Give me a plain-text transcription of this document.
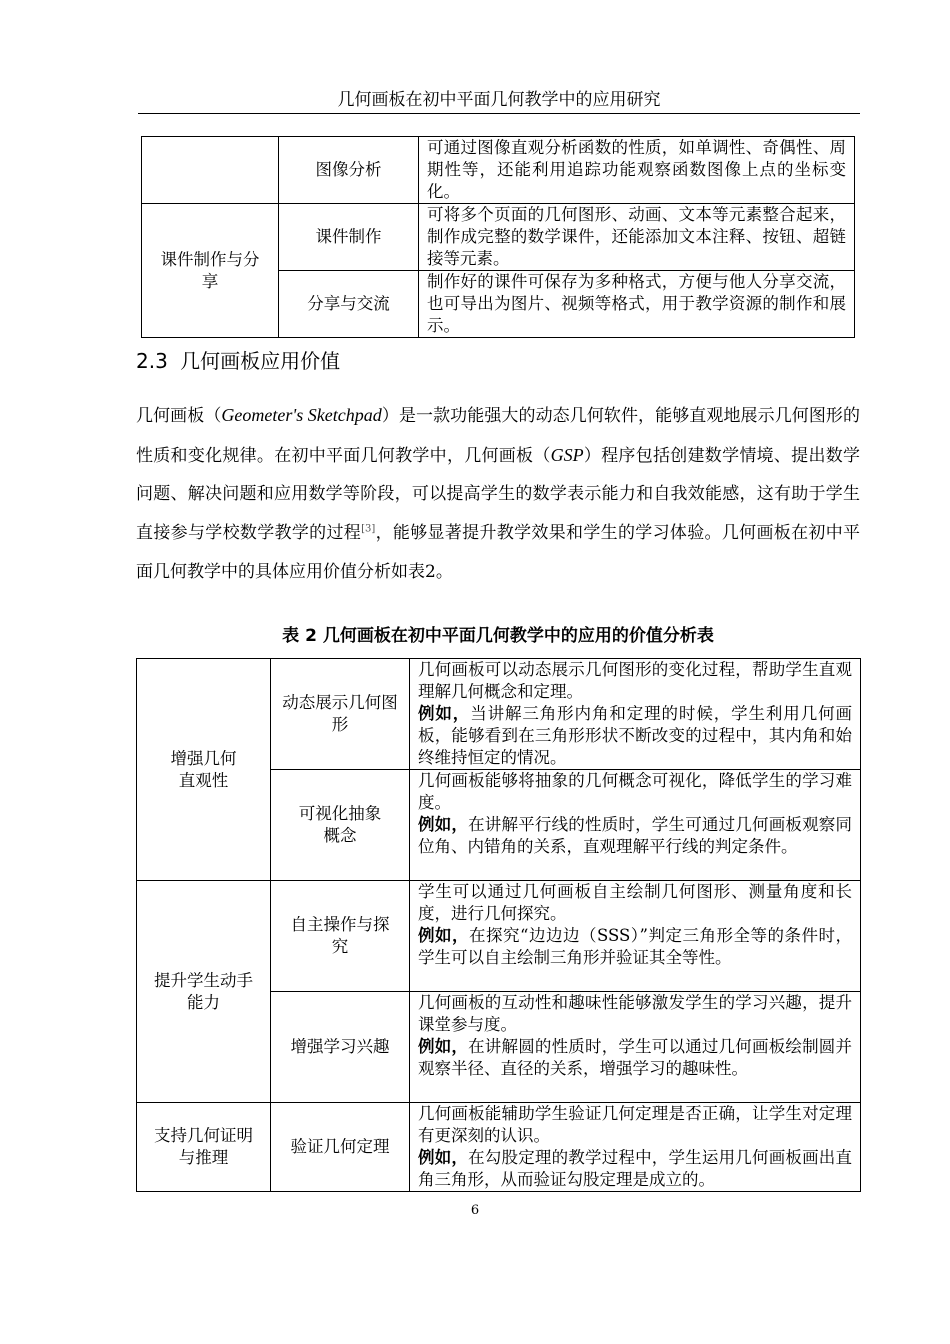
几何画板在初中平面几何教学中的应用研究
	图像分析	可通过图像直观分析函数的性质，如单调性、奇偶性、周期性等，还能利用追踪功能观察函数图像上点的坐标变化。

课件制作与分享	课件制作	可将多个页面的几何图形、动画、文本等元素整合起来，制作成完整的数学课件，还能添加文本注释、按钮、超链接等元素。
	分享与交流	制作好的课件可保存为多种格式，方便与他人分享交流，也可导出为图片、视频等格式，用于教学资源的制作和展示。
2.3 几何画板应用价值

几何画板（Geometer's Sketchpad）是一款功能强大的动态几何软件，能够直观地展示几何图形的性质和变化规律。在初中平面几何教学中，几何画板（GSP）程序包括创建数学情境、提出数学问题、解决问题和应用数学等阶段，可以提高学生的数学表示能力和自我效能感，这有助于学生直接参与学校数学教学的过程[3]，能够显著提升教学效果和学生的学习体验。几何画板在初中平面几何教学中的具体应用价值分析如表2。

表 2 几何画板在初中平面几何教学中的应用的价值分析表
增强几何直观性	动态展示几何图形	几何画板可以动态展示几何图形的变化过程，帮助学生直观理解几何概念和定理。
例如，当讲解三角形内角和定理的时候，学生利用几何画板，能够看到在三角形形状不断改变的过程中，其内角和始终维持恒定的情况。

	可视化抽象概念	几何画板能够将抽象的几何概念可视化，降低学生的学习难度。
例如，在讲解平行线的性质时，学生可通过几何画板观察同位角、内错角的关系，直观理解平行线的判定条件。

提升学生动手能力	自主操作与探究	学生可以通过几何画板自主绘制几何图形、测量角度和长度，进行几何探究。
例如，在探究“边边边（SSS）”判定三角形全等的条件时，学生可以自主绘制三角形并验证其全等性。

	增强学习兴趣	几何画板的互动性和趣味性能够激发学生的学习兴趣，提升课堂参与度。
例如，在讲解圆的性质时，学生可以通过几何画板绘制圆并观察半径、直径的关系，增强学习的趣味性。

支持几何证明与推理	验证几何定理	几何画板能辅助学生验证几何定理是否正确，让学生对定理有更深刻的认识。
例如，在勾股定理的教学过程中，学生运用几何画板画出直角三角形，从而验证勾股定理是成立的。
6
